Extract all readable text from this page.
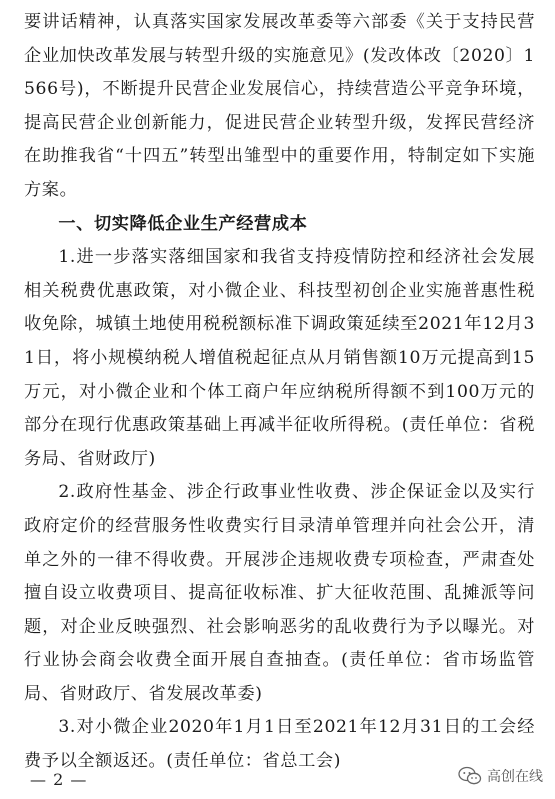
要讲话精神，认真落实国家发展改革委等六部委《关于支持民营企业加快改革发展与转型升级的实施意见》(发改体改〔2020〕1566号)，不断提升民营企业发展信心，持续营造公平竞争环境，提高民营企业创新能力，促进民营企业转型升级，发挥民营经济在助推我省“十四五”转型出雏型中的重要作用，特制定如下实施方案。

一、切实降低企业生产经营成本

1.进一步落实落细国家和我省支持疫情防控和经济社会发展相关税费优惠政策，对小微企业、科技型初创企业实施普惠性税收免除，城镇土地使用税税额标准下调政策延续至2021年12月31日，将小规模纳税人增值税起征点从月销售额10万元提高到15万元，对小微企业和个体工商户年应纳税所得额不到100万元的部分在现行优惠政策基础上再减半征收所得税。(责任单位：省税务局、省财政厅)

2.政府性基金、涉企行政事业性收费、涉企保证金以及实行政府定价的经营服务性收费实行目录清单管理并向社会公开，清单之外的一律不得收费。开展涉企违规收费专项检查，严肃查处擅自设立收费项目、提高征收标准、扩大征收范围、乱摊派等问题，对企业反映强烈、社会影响恶劣的乱收费行为予以曝光。对行业协会商会收费全面开展自查抽查。(责任单位：省市场监管局、省财政厅、省发展改革委)

3.对小微企业2020年1月1日至2021年12月31日的工会经费予以全额返还。(责任单位：省总工会)

— 2 —	高创在线
